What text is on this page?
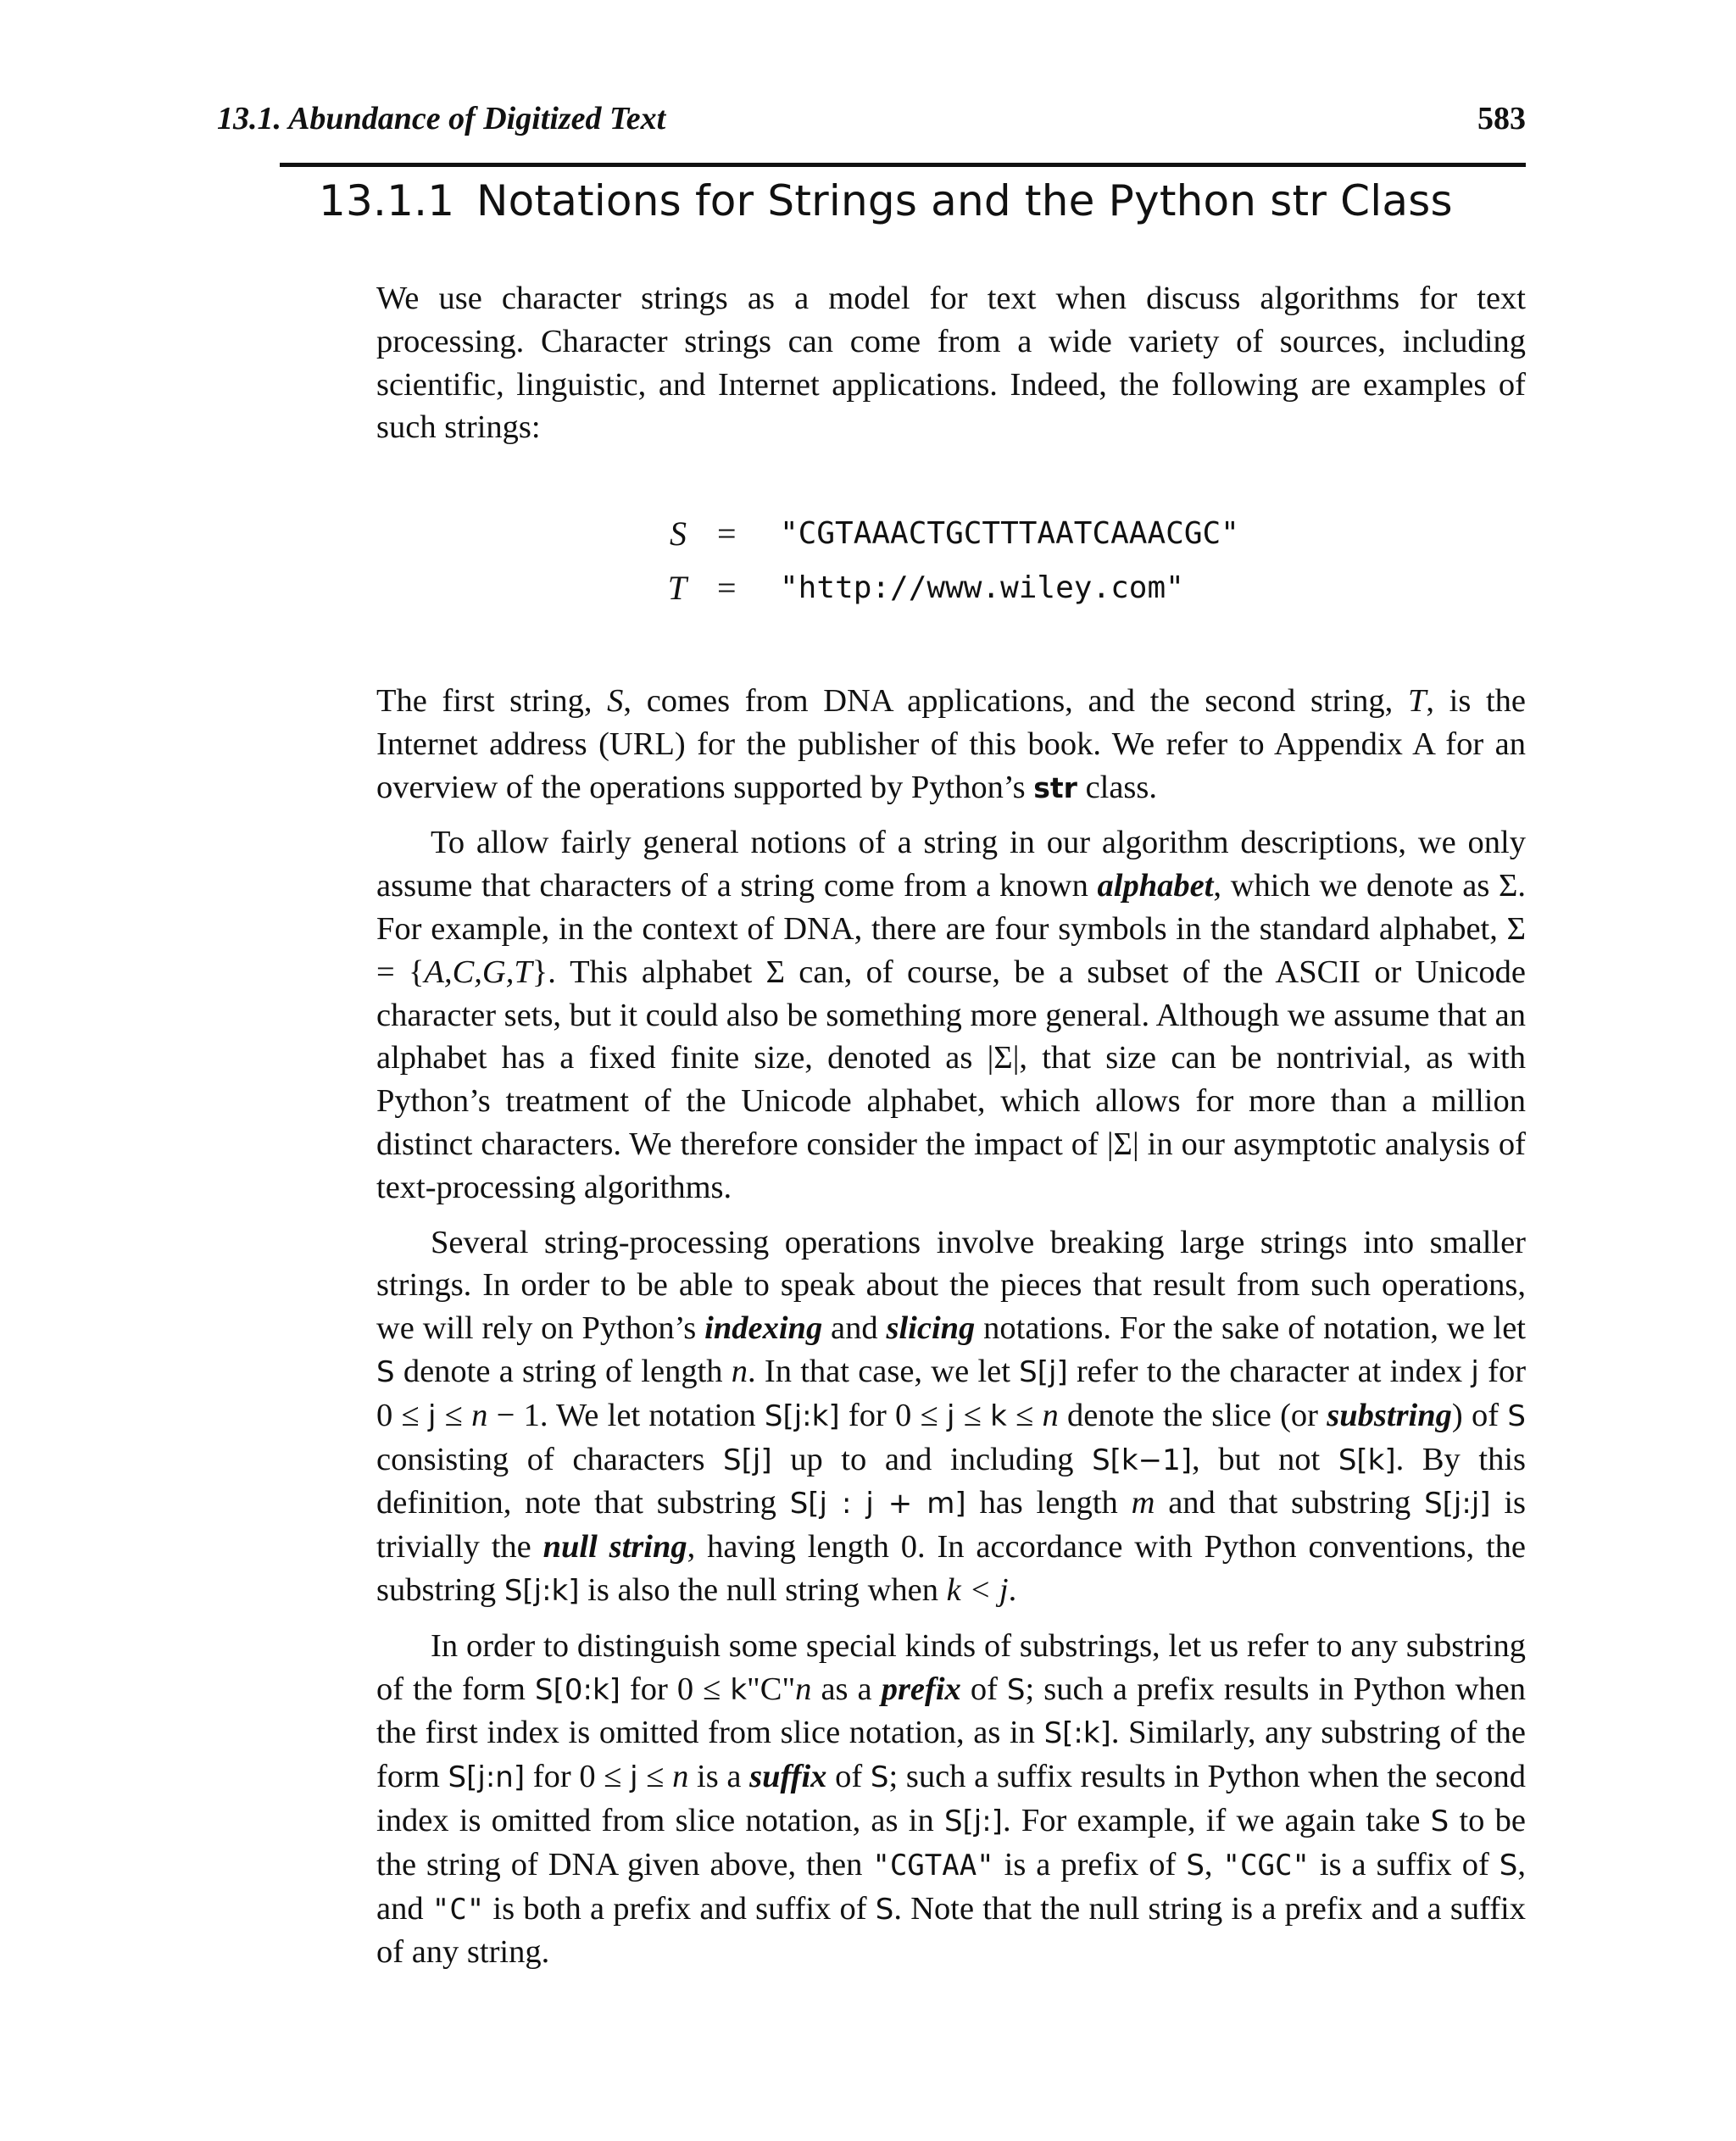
13.1. Abundance of Digitized Text	583
13.1.1 Notations for Strings and the Python str Class

We use character strings as a model for text when discuss algorithms for text processing. Character strings can come from a wide variety of sources, including scientific, linguistic, and Internet applications. Indeed, the following are examples of such strings:

S = "CGTAAACTGCTTTAATCAAACGC"
T = "http://www.wiley.com"

The first string, S, comes from DNA applications, and the second string, T, is the Internet address (URL) for the publisher of this book. We refer to Appendix A for an overview of the operations supported by Python’s str class.

To allow fairly general notions of a string in our algorithm descriptions, we only assume that characters of a string come from a known alphabet, which we denote as Σ. For example, in the context of DNA, there are four symbols in the standard alphabet, Σ = {A,C,G,T}. This alphabet Σ can, of course, be a subset of the ASCII or Unicode character sets, but it could also be something more general. Although we assume that an alphabet has a fixed finite size, denoted as |Σ|, that size can be nontrivial, as with Python’s treatment of the Unicode alphabet, which allows for more than a million distinct characters. We therefore consider the impact of |Σ| in our asymptotic analysis of text-processing algorithms.

Several string-processing operations involve breaking large strings into smaller strings. In order to be able to speak about the pieces that result from such operations, we will rely on Python’s indexing and slicing notations. For the sake of notation, we let S denote a string of length n. In that case, we let S[j] refer to the character at index j for 0 ≤ j ≤ n − 1. We let notation S[j:k] for 0 ≤ j ≤ k ≤ n denote the slice (or substring) of S consisting of characters S[j] up to and including S[k−1], but not S[k]. By this definition, note that substring S[j : j + m] has length m and that substring S[j:j] is trivially the null string, having length 0. In accordance with Python conventions, the substring S[j:k] is also the null string when k < j.

In order to distinguish some special kinds of substrings, let us refer to any substring of the form S[0:k] for 0 ≤ k"C"n as a prefix of S; such a prefix results in Python when the first index is omitted from slice notation, as in S[:k]. Similarly, any substring of the form S[j:n] for 0 ≤ j ≤ n is a suffix of S; such a suffix results in Python when the second index is omitted from slice notation, as in S[j:]. For example, if we again take S to be the string of DNA given above, then "CGTAA" is a prefix of S, "CGC" is a suffix of S, and "C" is both a prefix and suffix of S. Note that the null string is a prefix and a suffix of any string.
